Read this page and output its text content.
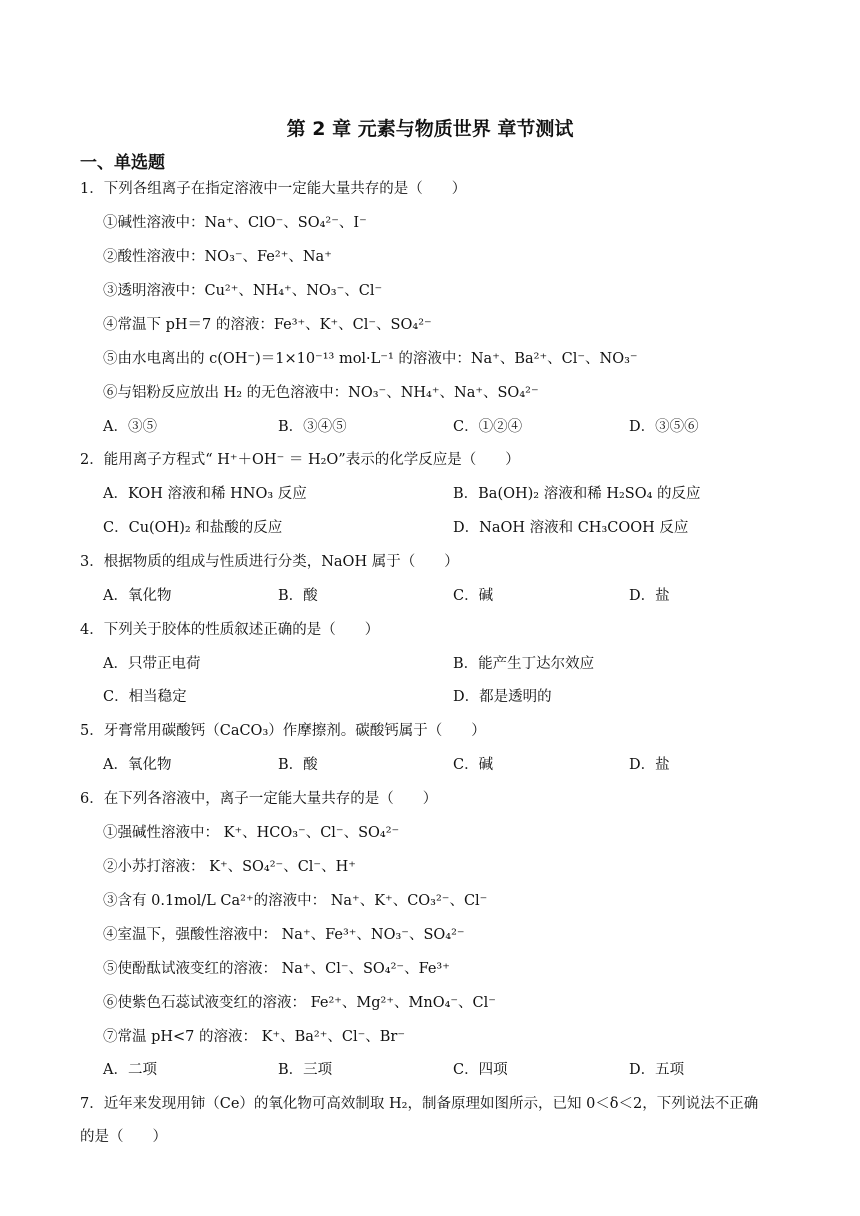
第 2 章 元素与物质世界 章节测试
一、单选题
1．下列各组离子在指定溶液中一定能大量共存的是（　　）
①碱性溶液中：Na⁺、ClO⁻、SO₄²⁻、I⁻
②酸性溶液中：NO₃⁻、Fe²⁺、Na⁺
③透明溶液中：Cu²⁺、NH₄⁺、NO₃⁻、Cl⁻
④常温下 pH＝7 的溶液：Fe³⁺、K⁺、Cl⁻、SO₄²⁻
⑤由水电离出的 c(OH⁻)＝1×10⁻¹³ mol·L⁻¹ 的溶液中：Na⁺、Ba²⁺、Cl⁻、NO₃⁻
⑥与铝粉反应放出 H₂ 的无色溶液中：NO₃⁻、NH₄⁺、Na⁺、SO₄²⁻
A．③⑤	B．③④⑤	C．①②④	D．③⑤⑥
2．能用离子方程式“ H⁺＋OH⁻ ＝ H₂O”表示的化学反应是（　　）
A．KOH 溶液和稀 HNO₃ 反应	B．Ba(OH)₂ 溶液和稀 H₂SO₄ 的反应
C．Cu(OH)₂ 和盐酸的反应	D．NaOH 溶液和 CH₃COOH 反应
3．根据物质的组成与性质进行分类，NaOH 属于（　　）
A．氧化物	B．酸	C．碱	D．盐
4．下列关于胶体的性质叙述正确的是（　　）
A．只带正电荷	B．能产生丁达尔效应
C．相当稳定	D．都是透明的
5．牙膏常用碳酸钙（CaCO₃）作摩擦剂。碳酸钙属于（　　）
A．氧化物	B．酸	C．碱	D．盐
6．在下列各溶液中，离子一定能大量共存的是（　　）
①强碱性溶液中： K⁺、HCO₃⁻、Cl⁻、SO₄²⁻
②小苏打溶液： K⁺、SO₄²⁻、Cl⁻、H⁺
③含有 0.1mol/L Ca²⁺的溶液中： Na⁺、K⁺、CO₃²⁻、Cl⁻
④室温下，强酸性溶液中： Na⁺、Fe³⁺、NO₃⁻、SO₄²⁻
⑤使酚酞试液变红的溶液： Na⁺、Cl⁻、SO₄²⁻、Fe³⁺
⑥使紫色石蕊试液变红的溶液： Fe²⁺、Mg²⁺、MnO₄⁻、Cl⁻
⑦常温 pH<7 的溶液： K⁺、Ba²⁺、Cl⁻、Br⁻
A．二项	B．三项	C．四项	D．五项
7．近年来发现用铈（Ce）的氧化物可高效制取 H₂，制备原理如图所示，已知 0＜δ＜2，下列说法不正确
的是（　　）
